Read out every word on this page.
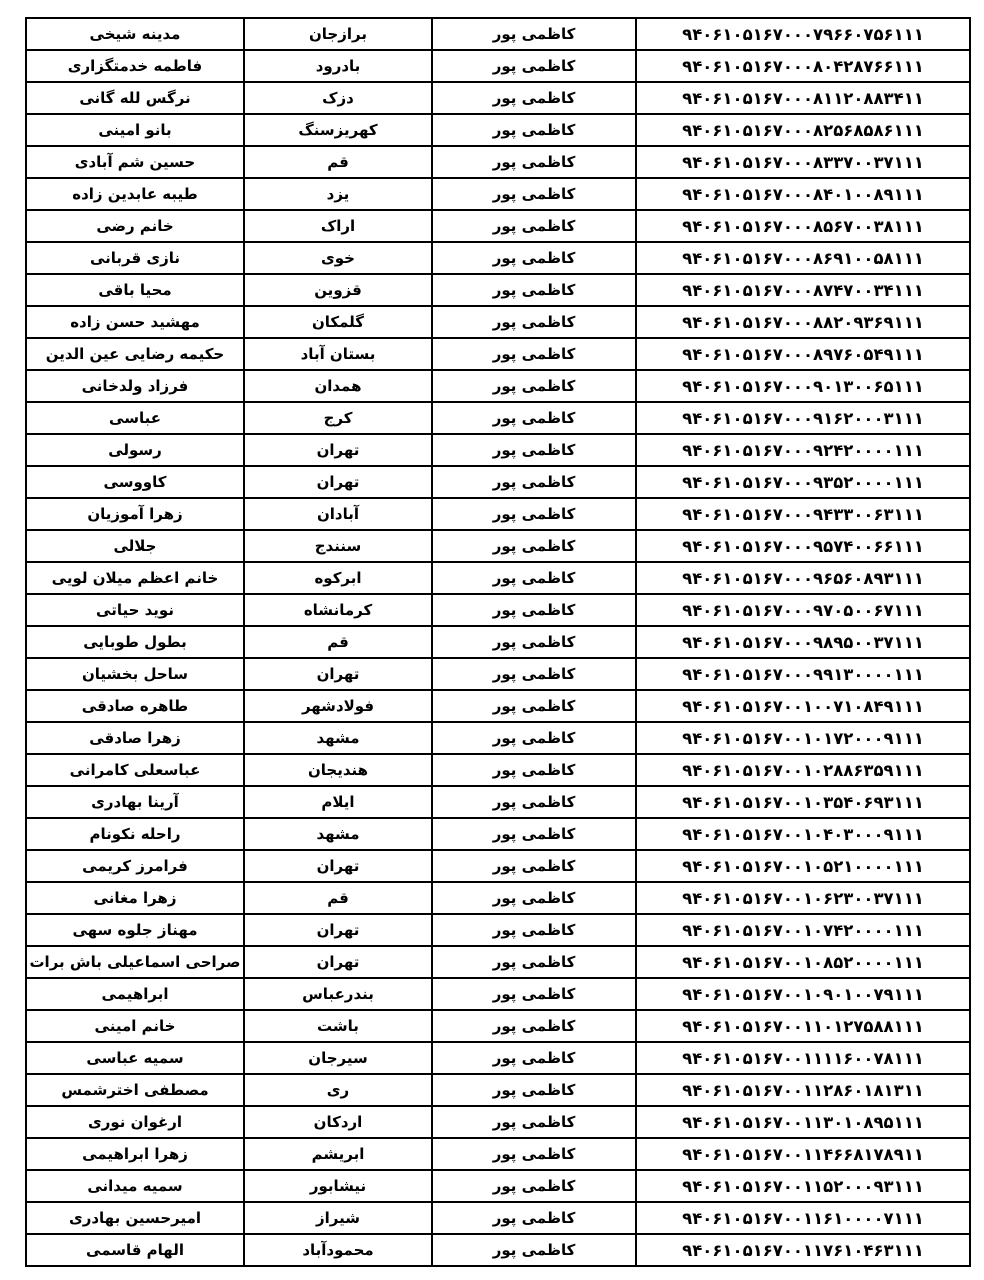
مدینه شیخی	برازجان	کاظمی پور	۹۴۰۶۱۰۵۱۶۷۰۰۰۷۹۶۶۰۷۵۶۱۱۱
فاطمه خدمتگزاری	بادرود	کاظمی پور	۹۴۰۶۱۰۵۱۶۷۰۰۰۸۰۴۲۸۷۶۶۱۱۱
نرگس لله گانی	دزک	کاظمی پور	۹۴۰۶۱۰۵۱۶۷۰۰۰۸۱۱۲۰۸۸۳۴۱۱
بانو امینی	کهریزسنگ	کاظمی پور	۹۴۰۶۱۰۵۱۶۷۰۰۰۸۲۵۶۸۵۸۶۱۱۱
حسین شم آبادی	قم	کاظمی پور	۹۴۰۶۱۰۵۱۶۷۰۰۰۸۳۳۷۰۰۳۷۱۱۱
طیبه عابدین زاده	یزد	کاظمی پور	۹۴۰۶۱۰۵۱۶۷۰۰۰۸۴۰۱۰۰۸۹۱۱۱
خانم رضی	اراک	کاظمی پور	۹۴۰۶۱۰۵۱۶۷۰۰۰۸۵۶۷۰۰۳۸۱۱۱
نازی قربانی	خوی	کاظمی پور	۹۴۰۶۱۰۵۱۶۷۰۰۰۸۶۹۱۰۰۵۸۱۱۱
محیا باقی	قزوین	کاظمی پور	۹۴۰۶۱۰۵۱۶۷۰۰۰۸۷۴۷۰۰۳۴۱۱۱
مهشید حسن زاده	گلمکان	کاظمی پور	۹۴۰۶۱۰۵۱۶۷۰۰۰۸۸۲۰۹۳۶۹۱۱۱
حکیمه رضایی عین الدین	بستان آباد	کاظمی پور	۹۴۰۶۱۰۵۱۶۷۰۰۰۸۹۷۶۰۵۴۹۱۱۱
فرزاد ولدخانی	همدان	کاظمی پور	۹۴۰۶۱۰۵۱۶۷۰۰۰۹۰۱۳۰۰۶۵۱۱۱
عباسی	کرج	کاظمی پور	۹۴۰۶۱۰۵۱۶۷۰۰۰۹۱۶۲۰۰۰۳۱۱۱
رسولی	تهران	کاظمی پور	۹۴۰۶۱۰۵۱۶۷۰۰۰۹۲۴۲۰۰۰۰۱۱۱
کاووسی	تهران	کاظمی پور	۹۴۰۶۱۰۵۱۶۷۰۰۰۹۳۵۲۰۰۰۰۱۱۱
زهرا آموزیان	آبادان	کاظمی پور	۹۴۰۶۱۰۵۱۶۷۰۰۰۹۴۳۳۰۰۶۳۱۱۱
جلالی	سنندج	کاظمی پور	۹۴۰۶۱۰۵۱۶۷۰۰۰۹۵۷۴۰۰۶۶۱۱۱
خانم اعظم میلان لویی	ابرکوه	کاظمی پور	۹۴۰۶۱۰۵۱۶۷۰۰۰۹۶۵۶۰۸۹۳۱۱۱
نوید حیاتی	کرمانشاه	کاظمی پور	۹۴۰۶۱۰۵۱۶۷۰۰۰۹۷۰۵۰۰۶۷۱۱۱
بطول طوبایی	قم	کاظمی پور	۹۴۰۶۱۰۵۱۶۷۰۰۰۹۸۹۵۰۰۳۷۱۱۱
ساحل بخشیان	تهران	کاظمی پور	۹۴۰۶۱۰۵۱۶۷۰۰۰۹۹۱۳۰۰۰۰۱۱۱
طاهره صادقی	فولادشهر	کاظمی پور	۹۴۰۶۱۰۵۱۶۷۰۰۱۰۰۷۱۰۸۴۹۱۱۱
زهرا صادقی	مشهد	کاظمی پور	۹۴۰۶۱۰۵۱۶۷۰۰۱۰۱۷۲۰۰۰۹۱۱۱
عباسعلی کامرانی	هندیجان	کاظمی پور	۹۴۰۶۱۰۵۱۶۷۰۰۱۰۲۸۸۶۳۵۹۱۱۱
آرینا بهادری	ایلام	کاظمی پور	۹۴۰۶۱۰۵۱۶۷۰۰۱۰۳۵۴۰۶۹۳۱۱۱
راحله نکونام	مشهد	کاظمی پور	۹۴۰۶۱۰۵۱۶۷۰۰۱۰۴۰۳۰۰۰۹۱۱۱
فرامرز کریمی	تهران	کاظمی پور	۹۴۰۶۱۰۵۱۶۷۰۰۱۰۵۲۱۰۰۰۰۱۱۱
زهرا مغانی	قم	کاظمی پور	۹۴۰۶۱۰۵۱۶۷۰۰۱۰۶۲۳۰۰۳۷۱۱۱
مهناز جلوه سهی	تهران	کاظمی پور	۹۴۰۶۱۰۵۱۶۷۰۰۱۰۷۴۲۰۰۰۰۱۱۱
صراحی اسماعیلی باش برات	تهران	کاظمی پور	۹۴۰۶۱۰۵۱۶۷۰۰۱۰۸۵۲۰۰۰۰۱۱۱
ابراهیمی	بندرعباس	کاظمی پور	۹۴۰۶۱۰۵۱۶۷۰۰۱۰۹۰۱۰۰۷۹۱۱۱
خانم امینی	باشت	کاظمی پور	۹۴۰۶۱۰۵۱۶۷۰۰۱۱۰۱۲۷۵۸۸۱۱۱
سمیه عباسی	سیرجان	کاظمی پور	۹۴۰۶۱۰۵۱۶۷۰۰۱۱۱۱۶۰۰۷۸۱۱۱
مصطفی اخترشمس	ری	کاظمی پور	۹۴۰۶۱۰۵۱۶۷۰۰۱۱۲۸۶۰۱۸۱۳۱۱
ارغوان نوری	اردکان	کاظمی پور	۹۴۰۶۱۰۵۱۶۷۰۰۱۱۳۰۱۰۸۹۵۱۱۱
زهرا ابراهیمی	ابریشم	کاظمی پور	۹۴۰۶۱۰۵۱۶۷۰۰۱۱۴۶۶۸۱۷۸۹۱۱
سمیه میدانی	نیشابور	کاظمی پور	۹۴۰۶۱۰۵۱۶۷۰۰۱۱۵۲۰۰۰۹۳۱۱۱
امیرحسین بهادری	شیراز	کاظمی پور	۹۴۰۶۱۰۵۱۶۷۰۰۱۱۶۱۰۰۰۰۷۱۱۱
الهام قاسمی	محمودآباد	کاظمی پور	۹۴۰۶۱۰۵۱۶۷۰۰۱۱۷۶۱۰۴۶۳۱۱۱
